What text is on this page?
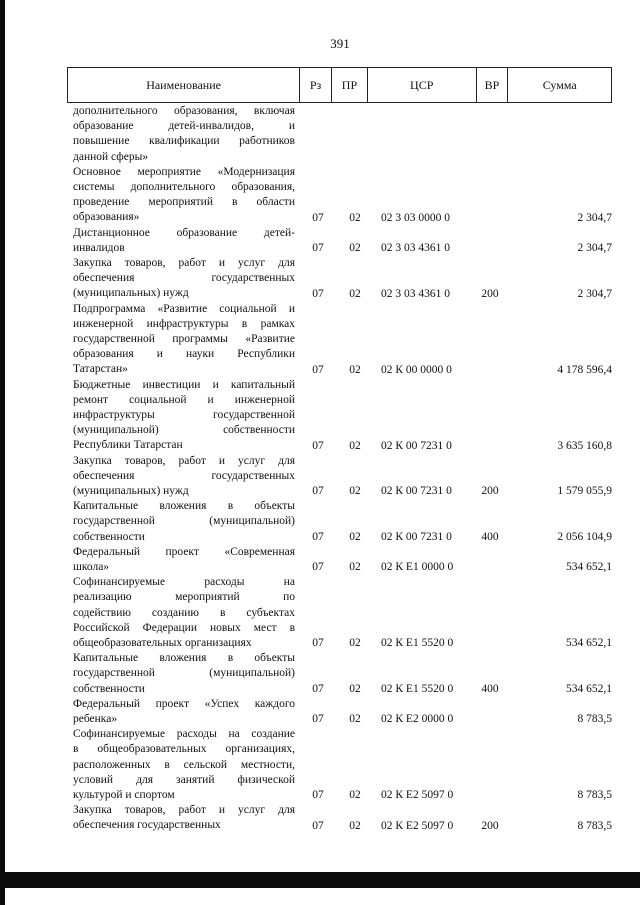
391
Наименование	Рз	ПР	ЦСР	ВР	Сумма
дополнительного образования, включая
образование детей-инвалидов, и
повышение квалификации работников
данной сферы»
Основное мероприятие «Модернизация
системы дополнительного образования,
проведение мероприятий в области
образования»	07	02	02 3 03 0000 0	2 304,7
Дистанционное образование детей-
инвалидов	07	02	02 3 03 4361 0	2 304,7
Закупка товаров, работ и услуг для
обеспечения государственных
(муниципальных) нужд	07	02	02 3 03 4361 0	200	2 304,7
Подпрограмма «Развитие социальной и
инженерной инфраструктуры в рамках
государственной программы «Развитие
образования и науки Республики
Татарстан»	07	02	02 К 00 0000 0	4 178 596,4
Бюджетные инвестиции и капитальный
ремонт социальной и инженерной
инфраструктуры государственной
(муниципальной) собственности
Республики Татарстан	07	02	02 К 00 7231 0	3 635 160,8
Закупка товаров, работ и услуг для
обеспечения государственных
(муниципальных) нужд	07	02	02 К 00 7231 0	200	1 579 055,9
Капитальные вложения в объекты
государственной (муниципальной)
собственности	07	02	02 К 00 7231 0	400	2 056 104,9
Федеральный проект «Современная
школа»	07	02	02 К Е1 0000 0	534 652,1
Софинансируемые расходы на
реализацию мероприятий по
содействию созданию в субъектах
Российской Федерации новых мест в
общеобразовательных организациях	07	02	02 К Е1 5520 0	534 652,1
Капитальные вложения в объекты
государственной (муниципальной)
собственности	07	02	02 К Е1 5520 0	400	534 652,1
Федеральный проект «Успех каждого
ребенка»	07	02	02 К Е2 0000 0	8 783,5
Софинансируемые расходы на создание
в общеобразовательных организациях,
расположенных в сельской местности,
условий для занятий физической
культурой и спортом	07	02	02 К Е2 5097 0	8 783,5
Закупка товаров, работ и услуг для
обеспечения государственных	07	02	02 К Е2 5097 0	200	8 783,5
